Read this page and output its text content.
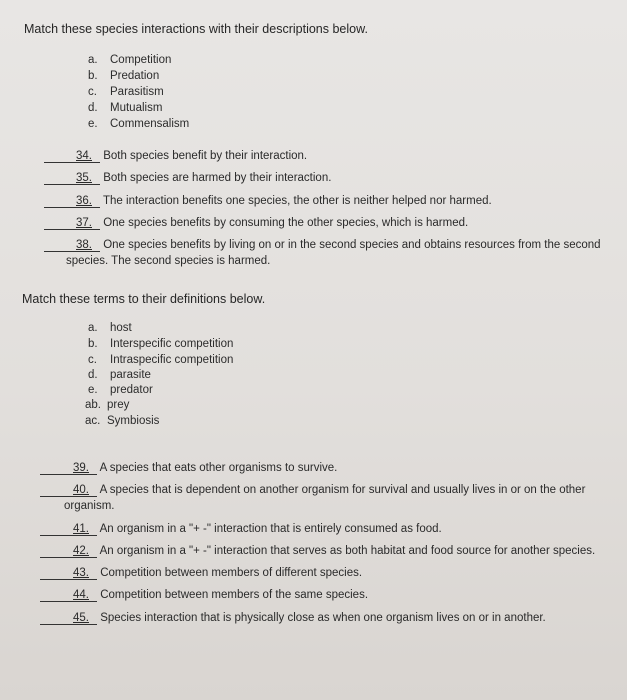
Match these species interactions with their descriptions below.
a. Competition
b. Predation
c. Parasitism
d. Mutualism
e. Commensalism
34. Both species benefit by their interaction.
35. Both species are harmed by their interaction.
36. The interaction benefits one species, the other is neither helped nor harmed.
37. One species benefits by consuming the other species, which is harmed.
38. One species benefits by living on or in the second species and obtains resources from the second
species. The second species is harmed.
Match these terms to their definitions below.
a. host
b. Interspecific competition
c. Intraspecific competition
d. parasite
e. predator
ab. prey
ac. Symbiosis
39. A species that eats other organisms to survive.
40. A species that is dependent on another organism for survival and usually lives in or on the other
organism.
41. An organism in a "+ -" interaction that is entirely consumed as food.
42. An organism in a "+ -" interaction that serves as both habitat and food source for another species.
43. Competition between members of different species.
44. Competition between members of the same species.
45. Species interaction that is physically close as when one organism lives on or in another.
